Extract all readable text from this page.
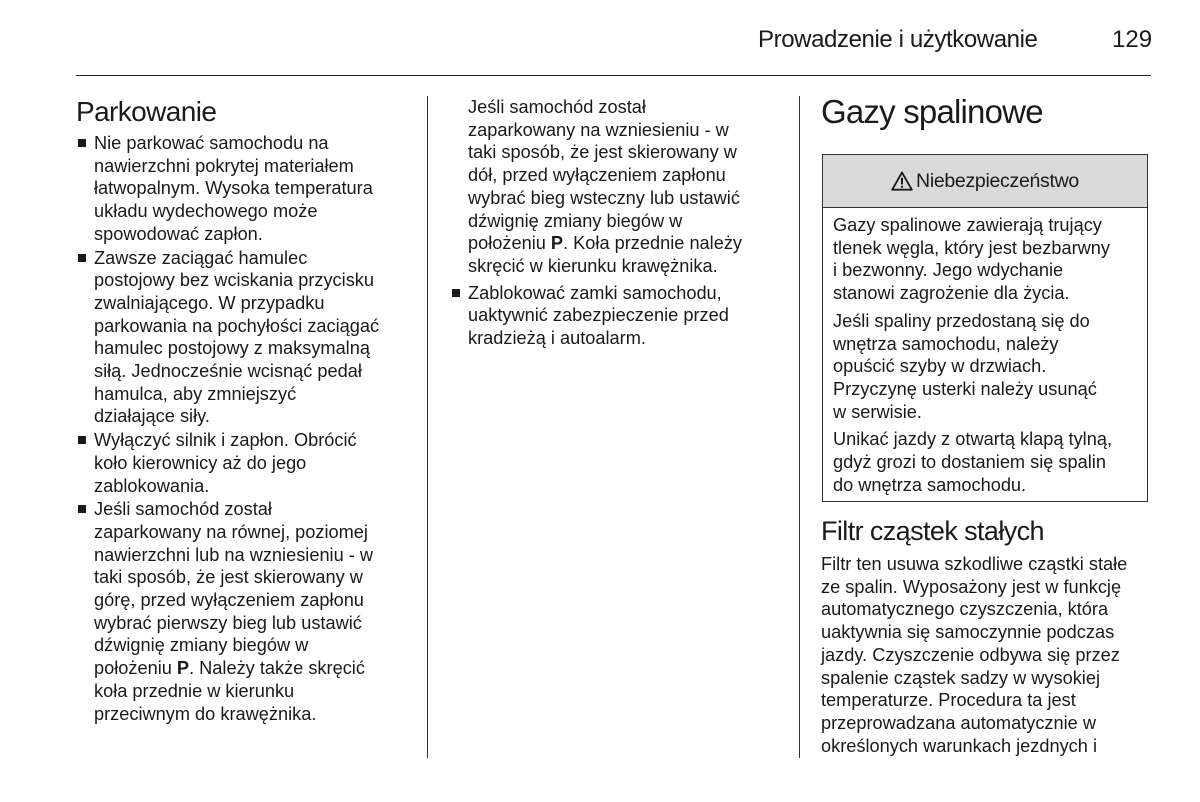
Prowadzenie i użytkowanie	129
Parkowanie
Nie parkować samochodu na
nawierzchni pokrytej materiałem
łatwopalnym. Wysoka temperatura
układu wydechowego może
spowodować zapłon.
Zawsze zaciągać hamulec
postojowy bez wciskania przycisku
zwalniającego. W przypadku
parkowania na pochyłości zaciągać
hamulec postojowy z maksymalną
siłą. Jednocześnie wcisnąć pedał
hamulca, aby zmniejszyć
działające siły.
Wyłączyć silnik i zapłon. Obrócić
koło kierownicy aż do jego
zablokowania.
Jeśli samochód został
zaparkowany na równej, poziomej
nawierzchni lub na wzniesieniu - w
taki sposób, że jest skierowany w
górę, przed wyłączeniem zapłonu
wybrać pierwszy bieg lub ustawić
dźwignię zmiany biegów w
położeniu P. Należy także skręcić
koła przednie w kierunku
przeciwnym do krawężnika.

Jeśli samochód został
zaparkowany na wzniesieniu - w
taki sposób, że jest skierowany w
dół, przed wyłączeniem zapłonu
wybrać bieg wsteczny lub ustawić
dźwignię zmiany biegów w
położeniu P. Koła przednie należy
skręcić w kierunku krawężnika.

Zablokować zamki samochodu,
uaktywnić zabezpieczenie przed
kradzieżą i autoalarm.
Gazy spalinowe
Niebezpieczeństwo

Gazy spalinowe zawierają trujący
tlenek węgla, który jest bezbarwny
i bezwonny. Jego wdychanie
stanowi zagrożenie dla życia.

Jeśli spaliny przedostaną się do
wnętrza samochodu, należy
opuścić szyby w drzwiach.
Przyczynę usterki należy usunąć
w serwisie.

Unikać jazdy z otwartą klapą tylną,
gdyż grozi to dostaniem się spalin
do wnętrza samochodu.

Filtr cząstek stałych

Filtr ten usuwa szkodliwe cząstki stałe
ze spalin. Wyposażony jest w funkcję
automatycznego czyszczenia, która
uaktywnia się samoczynnie podczas
jazdy. Czyszczenie odbywa się przez
spalenie cząstek sadzy w wysokiej
temperaturze. Procedura ta jest
przeprowadzana automatycznie w
określonych warunkach jezdnych i
